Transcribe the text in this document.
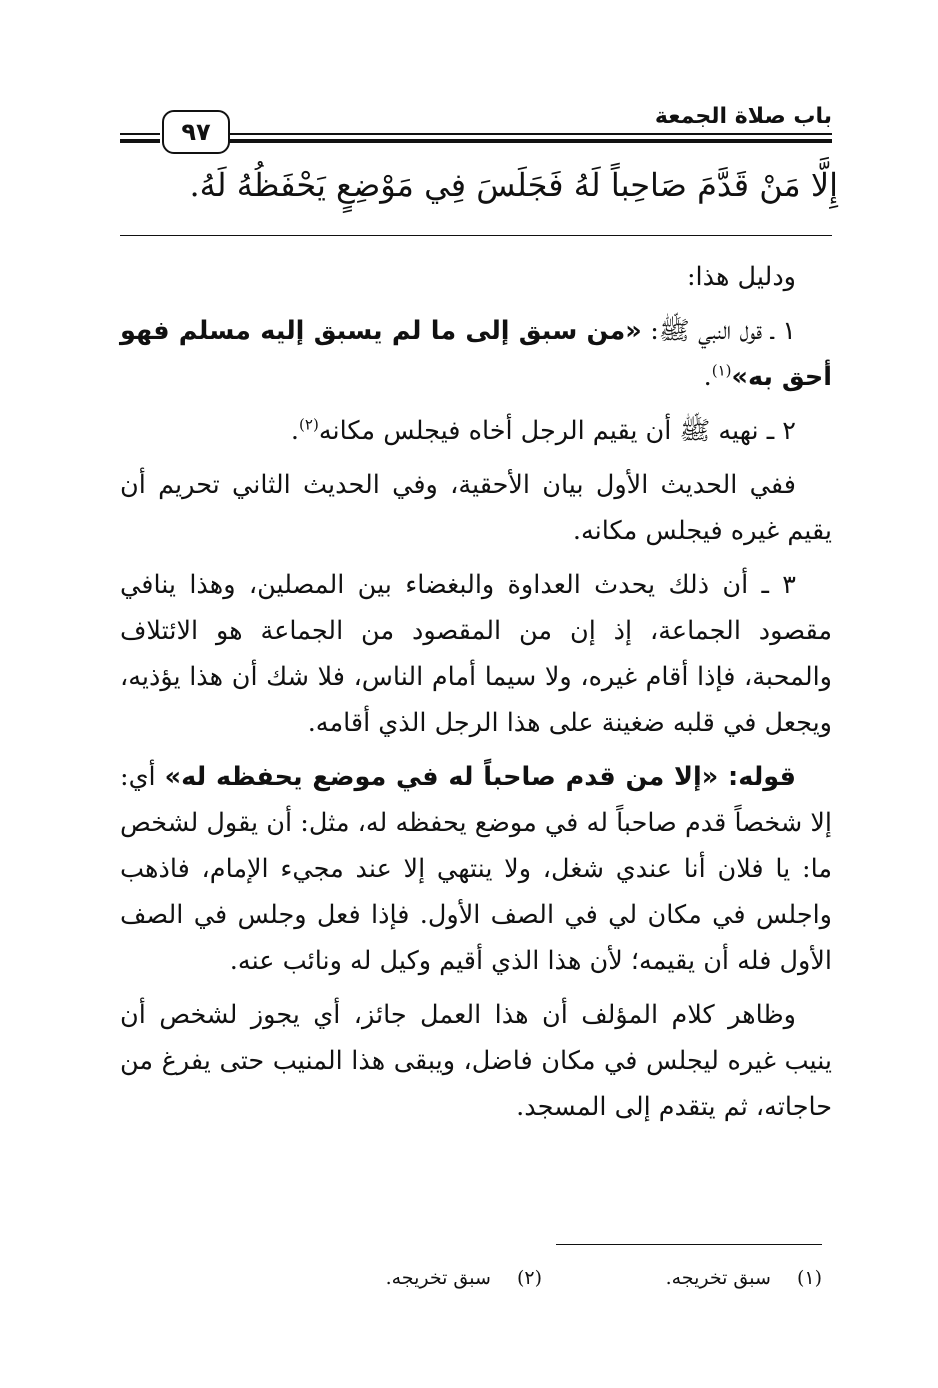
باب صلاة الجمعة
٩٧
إِلَّا مَنْ قَدَّمَ صَاحِباً لَهُ فَجَلَسَ فِي مَوْضِعٍ يَحْفَظُهُ لَهُ.

ودليل هذا:

١ ـ قول النبي ﷺ: «من سبق إلى ما لم يسبق إليه مسلم فهو أحق به»$^{(١)}$.

٢ ـ نهيه ﷺ أن يقيم الرجل أخاه فيجلس مكانه$^{(٢)}$.

ففي الحديث الأول بيان الأحقية، وفي الحديث الثاني تحريم أن يقيم غيره فيجلس مكانه.

٣ ـ أن ذلك يحدث العداوة والبغضاء بين المصلين، وهذا ينافي مقصود الجماعة، إذ إن من المقصود من الجماعة هو الائتلاف والمحبة، فإذا أقام غيره، ولا سيما أمام الناس، فلا شك أن هذا يؤذيه، ويجعل في قلبه ضغينة على هذا الرجل الذي أقامه.

قوله: «إلا من قدم صاحباً له في موضع يحفظه له» أي: إلا شخصاً قدم صاحباً له في موضع يحفظه له، مثل: أن يقول لشخص ما: يا فلان أنا عندي شغل، ولا ينتهي إلا عند مجيء الإمام، فاذهب واجلس في مكان لي في الصف الأول. فإذا فعل وجلس في الصف الأول فله أن يقيمه؛ لأن هذا الذي أقيم وكيل له ونائب عنه.

وظاهر كلام المؤلف أن هذا العمل جائز، أي يجوز لشخص أن ينيب غيره ليجلس في مكان فاضل، ويبقى هذا المنيب حتى يفرغ من حاجاته، ثم يتقدم إلى المسجد.

(١)
سبق تخريجه.
(٢)
سبق تخريجه.
